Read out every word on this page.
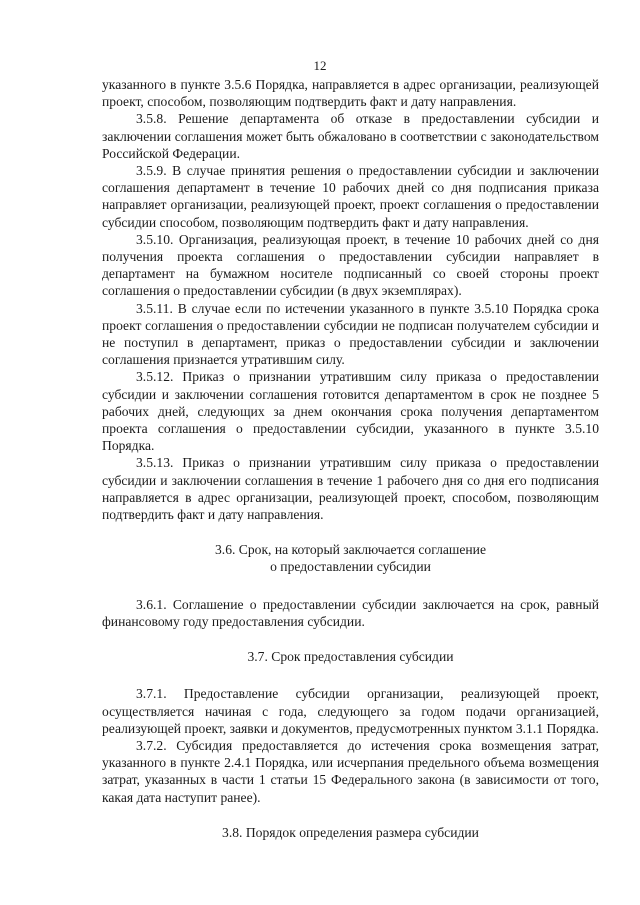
12

указанного в пункте 3.5.6 Порядка, направляется в адрес организации, реализующей проект, способом, позволяющим подтвердить факт и дату направления.

3.5.8. Решение департамента об отказе в предоставлении субсидии и заключении соглашения может быть обжаловано в соответствии с законодательством Российской Федерации.

3.5.9. В случае принятия решения о предоставлении субсидии и заключении соглашения департамент в течение 10 рабочих дней со дня подписания приказа направляет организации, реализующей проект, проект соглашения о предоставлении субсидии способом, позволяющим подтвердить факт и дату направления.

3.5.10. Организация, реализующая проект, в течение 10 рабочих дней со дня получения проекта соглашения о предоставлении субсидии направляет в департамент на бумажном носителе подписанный со своей стороны проект соглашения о предоставлении субсидии (в двух экземплярах).

3.5.11. В случае если по истечении указанного в пункте 3.5.10 Порядка срока проект соглашения о предоставлении субсидии не подписан получателем субсидии и не поступил в департамент, приказ о предоставлении субсидии и заключении соглашения признается утратившим силу.

3.5.12. Приказ о признании утратившим силу приказа о предоставлении субсидии и заключении соглашения готовится департаментом в срок не позднее 5 рабочих дней, следующих за днем окончания срока получения департаментом проекта соглашения о предоставлении субсидии, указанного в пункте 3.5.10 Порядка.

3.5.13. Приказ о признании утратившим силу приказа о предоставлении субсидии и заключении соглашения в течение 1 рабочего дня со дня его подписания направляется в адрес организации, реализующей проект, способом, позволяющим подтвердить факт и дату направления.

3.6. Срок, на который заключается соглашение
о предоставлении субсидии

3.6.1. Соглашение о предоставлении субсидии заключается на срок, равный финансовому году предоставления субсидии.

3.7. Срок предоставления субсидии

3.7.1. Предоставление субсидии организации, реализующей проект, осуществляется начиная с года, следующего за годом подачи организацией, реализующей проект, заявки и документов, предусмотренных пунктом 3.1.1 Порядка.

3.7.2. Субсидия предоставляется до истечения срока возмещения затрат, указанного в пункте 2.4.1 Порядка, или исчерпания предельного объема возмещения затрат, указанных в части 1 статьи 15 Федерального закона (в зависимости от того, какая дата наступит ранее).

3.8. Порядок определения размера субсидии
